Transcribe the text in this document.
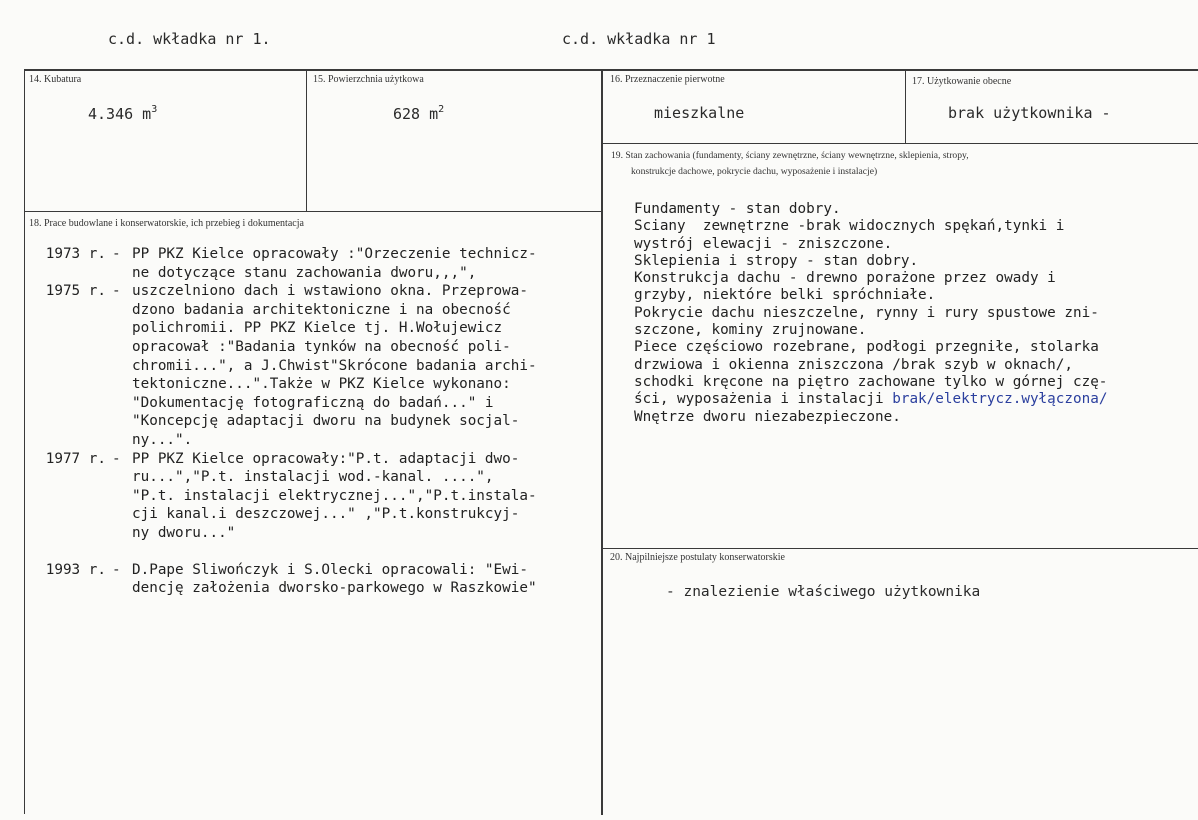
c.d. wkładka nr 1.	c.d. wkładka nr 1
14. Kubatura
4.346 $m^3$
15. Powierzchnia użytkowa
628 $m^2$
16. Przeznaczenie pierwotne
mieszkalne
17. Użytkowanie obecne
brak użytkownika -
19. Stan zachowania (fundamenty, ściany zewnętrzne, ściany wewnętrzne, sklepienia, stropy,
konstrukcje dachowe, pokrycie dachu, wyposażenie i instalacje)
18. Prace budowlane i konserwatorskie, ich przebieg i dokumentacja
1973 r. - PP PKZ Kielce opracowały :"Orzeczenie technicz-
ne dotyczące stanu zachowania dworu,,,",
1975 r. - uszczelniono dach i wstawiono okna. Przeprowa-
dzono badania architektoniczne i na obecność
polichromii. PP PKZ Kielce tj. H.Wołujewicz
opracował :"Badania tynków na obecność poli-
chromii...", a J.Chwist"Skrócone badania archi-
tektoniczne...".Także w PKZ Kielce wykonano:
"Dokumentację fotograficzną do badań..." i
"Koncepcję adaptacji dworu na budynek socjal-
ny...".
1977 r. - PP PKZ Kielce opracowały:"P.t. adaptacji dwo-
ru...","P.t. instalacji wod.-kanal. ....",
"P.t. instalacji elektrycznej...","P.t.instala-
cji kanal.i deszczowej..." ,"P.t.konstrukcyj-
ny dworu..."
1993 r. - D.Pape Sliwończyk i S.Olecki opracowali: "Ewi-
dencję założenia dworsko-parkowego w Raszkowie"
Fundamenty - stan dobry.
Sciany  zewnętrzne -brak widocznych spękań,tynki i
wystrój elewacji - zniszczone.
Sklepienia i stropy - stan dobry.
Konstrukcja dachu - drewno porażone przez owady i
grzyby, niektóre belki spróchniałe.
Pokrycie dachu nieszczelne, rynny i rury spustowe zni-
szczone, kominy zrujnowane.
Piece częściowo rozebrane, podłogi przegniłe, stolarka
drzwiowa i okienna zniszczona /brak szyb w oknach/,
schodki kręcone na piętro zachowane tylko w górnej czę-
ści, wyposażenia i instalacji brak/elektrycz.wyłączona/
Wnętrze dworu niezabezpieczone.
20. Najpilniejsze postulaty konserwatorskie
- znalezienie właściwego użytkownika
